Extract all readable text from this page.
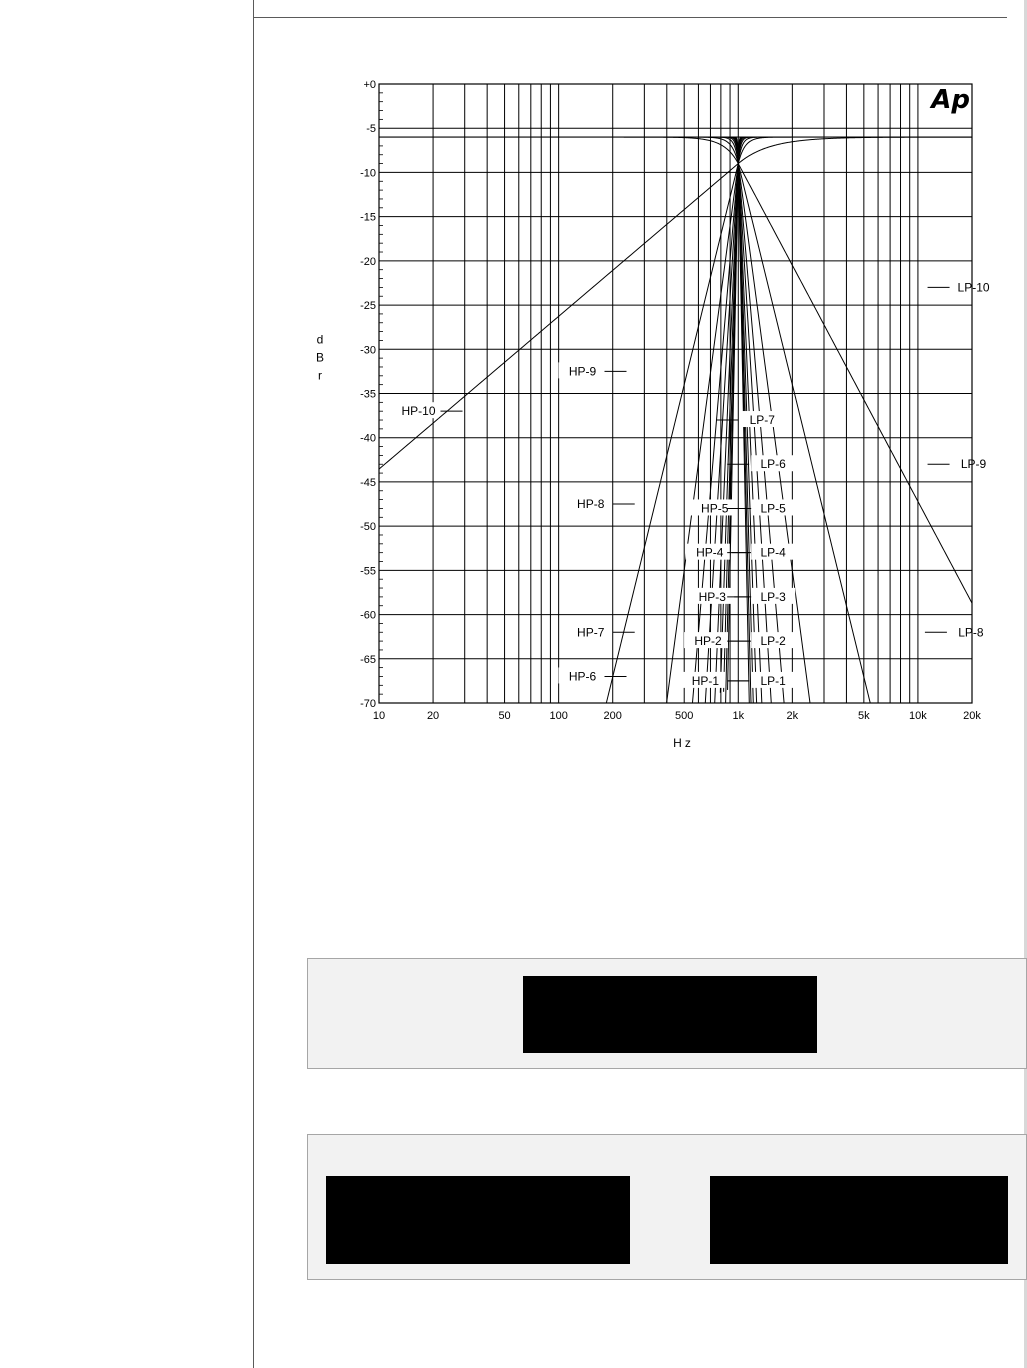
HP-1
HP-2
HP-3
HP-4
HP-5
HP-6
HP-7
HP-8
HP-9
HP-10
LP-1
LP-2
LP-3
LP-4
LP-5
LP-6
LP-7
LP-8
LP-9
LP-10
+0
-5
-10
-15
-20
-25
-30
-35
-40
-45
-50
-55
-60
-65
-70
10	20	50	100	200	500	1k	2k	5k	10k	20k
Ap
Hz
d B r
